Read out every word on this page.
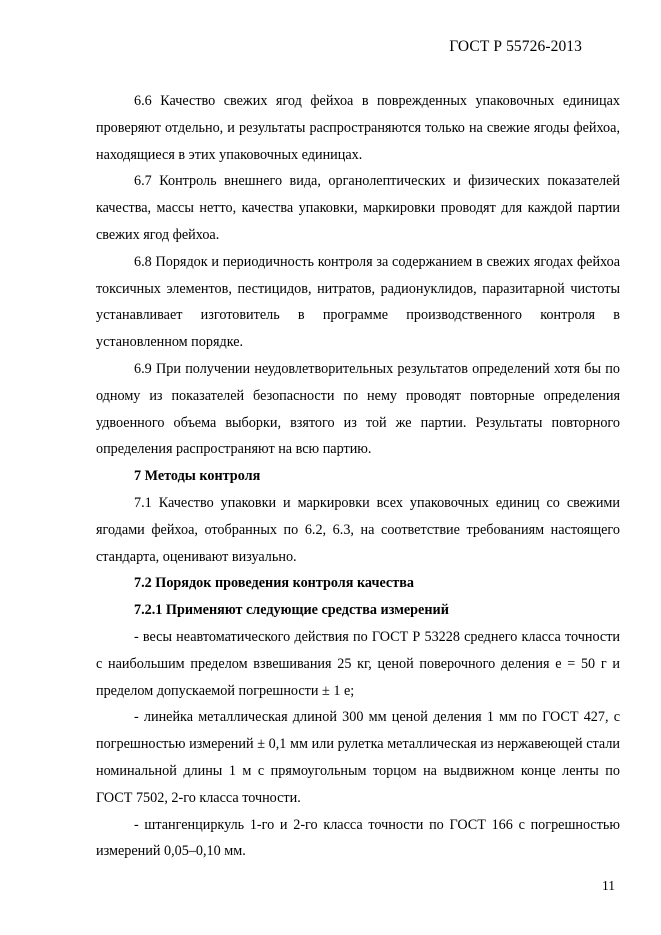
ГОСТ Р 55726-2013

6.6 Качество свежих ягод фейхоа в поврежденных упаковочных единицах проверяют отдельно, и результаты распространяются только на свежие ягоды фейхоа, находящиеся в этих упаковочных единицах.

6.7 Контроль внешнего вида, органолептических и физических показателей качества, массы нетто, качества упаковки, маркировки проводят для каждой партии свежих ягод фейхоа.

6.8 Порядок и периодичность контроля за содержанием в свежих ягодах фейхоа токсичных элементов, пестицидов, нитратов, радионуклидов, паразитарной чистоты устанавливает изготовитель в программе производственного контроля в установленном порядке.

6.9 При получении неудовлетворительных результатов определений хотя бы по одному из показателей безопасности по нему проводят повторные определения удвоенного объема выборки, взятого из той же партии. Результаты повторного определения распространяют на всю партию.

7 Методы контроля

7.1 Качество упаковки и маркировки всех упаковочных единиц со свежими ягодами фейхоа, отобранных по 6.2, 6.3, на соответствие требованиям настоящего стандарта, оценивают визуально.

7.2 Порядок проведения контроля качества

7.2.1 Применяют следующие средства измерений

- весы неавтоматического действия по ГОСТ Р 53228 среднего класса точности с наибольшим пределом взвешивания 25 кг, ценой поверочного деления е = 50 г и пределом допускаемой погрешности ± 1 е;

- линейка металлическая длиной 300 мм ценой деления 1 мм по ГОСТ 427, с погрешностью измерений ± 0,1 мм или рулетка металлическая из нержавеющей стали номинальной длины 1 м с прямоугольным торцом на выдвижном конце ленты по ГОСТ 7502, 2-го класса точности.

- штангенциркуль 1-го и 2-го класса точности по ГОСТ 166 с погрешностью измерений 0,05–0,10 мм.

11
